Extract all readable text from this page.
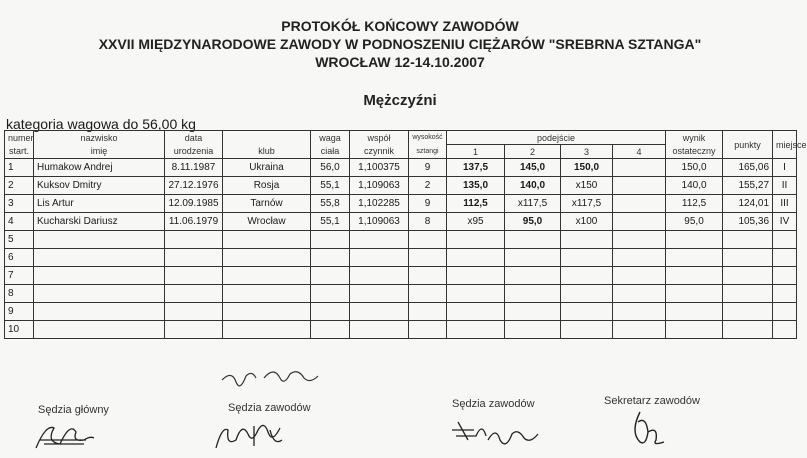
PROTOKÓŁ KOŃCOWY ZAWODÓW
XXVII MIĘDZYNARODOWE ZAWODY W PODNOSZENIU CIĘŻARÓW "SREBRNA SZTANGA"
WROCŁAW 12-14.10.2007
Mężczyźni
kategoria wagowa do 56,00 kg
numer	nazwisko	data		waga	współ	wysokość	podejście				wynik		
start.	imię	urodzenia	klub	ciała	czynnik	sztangi	1	2	3	4	ostateczny	punkty	miejsce
1	Humakow Andrej	8.11.1987	Ukraina	56,0	1,100375	9	137,5	145,0	150,0		150,0	165,06	I
2	Kuksov Dmitry	27.12.1976	Rosja	55,1	1,109063	2	135,0	140,0	x150		140,0	155,27	II
3	Lis Artur	12.09.1985	Tarnów	55,8	1,102285	9	112,5	x117,5	x117,5		112,5	124,01	III
4	Kucharski Dariusz	11.06.1979	Wrocław	55,1	1,109063	8	x95	95,0	x100		95,0	105,36	IV
5													
6													
7													
8													
9													
10													
Sędzia główny	Sędzia zawodów	Sędzia zawodów	Sekretarz zawodów
